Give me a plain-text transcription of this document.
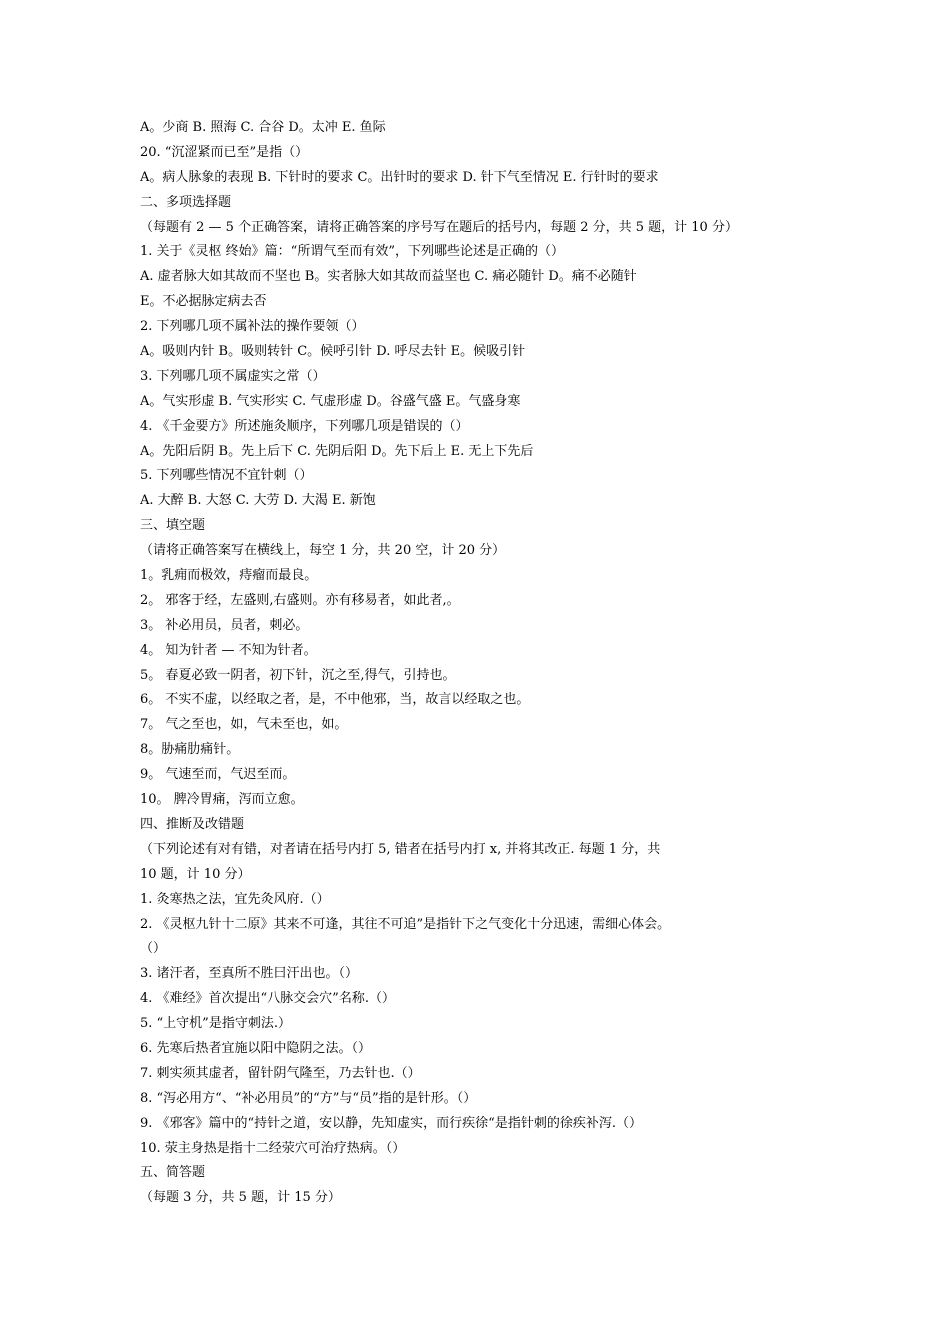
A。少商 B. 照海 C. 合谷 D。太冲 E. 鱼际
20. “沉涩紧而已至”是指（）
A。病人脉象的表现 B. 下针时的要求 C。出针时的要求 D. 针下气至情况 E. 行针时的要求
二、多项选择题
（每题有 2 — 5 个正确答案，请将正确答案的序号写在题后的括号内，每题 2 分，共 5 题，计 10 分）
1. 关于《灵枢 终始》篇：“所谓气至而有效”，下列哪些论述是正确的（）
A. 虚者脉大如其故而不坚也 B。实者脉大如其故而益坚也 C. 痛必随针 D。痛不必随针
E。不必据脉定病去否
2. 下列哪几项不属补法的操作要领（）
A。吸则内针 B。吸则转针 C。候呼引针 D. 呼尽去针 E。候吸引针
3. 下列哪几项不属虚实之常（）
A。气实形虚 B. 气实形实 C. 气虚形虚 D。谷盛气盛 E。气盛身寒
4. 《千金要方》所述施灸顺序，下列哪几项是错误的（）
A。先阳后阴 B。先上后下 C. 先阴后阳 D。先下后上 E. 无上下先后
5. 下列哪些情况不宜针刺（）
A. 大醉 B. 大怒 C. 大劳 D. 大渴 E. 新饱
三、填空题
（请将正确答案写在横线上，每空 1 分，共 20 空，计 20 分）
1。乳痈而极效，痔瘤而最良。
2。 邪客于经，左盛则,右盛则。亦有移易者，如此者,。
3。 补必用员，员者，刺必。
4。 知为针者 — 不知为针者。
5。 春夏必致一阴者，初下针，沉之至,得气，引持也。
6。 不实不虚，以经取之者，是，不中他邪，当，故言以经取之也。
7。 气之至也，如，气未至也，如。
8。胁痛肋痛针。
9。 气速至而，气迟至而。
10。 脾冷胃痛，泻而立愈。
四、推断及改错题
（下列论述有对有错，对者请在括号内打 5, 错者在括号内打 x, 并将其改正. 每题 1 分，共
10 题，计 10 分）
1. 灸寒热之法，宜先灸风府.（）
2. 《灵枢九针十二原》其来不可逢，其往不可追”是指针下之气变化十分迅速，需细心体会。
（）
3. 诸汗者，至真所不胜曰汗出也。（）
4. 《难经》首次提出“八脉交会穴”名称.（）
5. “上守机”是指守刺法.）
6. 先寒后热者宜施以阳中隐阴之法。（）
7. 刺实须其虚者，留针阴气隆至，乃去针也.（）
8. “泻必用方“、“补必用员”的“方”与“员”指的是针形。（）
9. 《邪客》篇中的“持针之道，安以静，先知虚实，而行疾徐“是指针刺的徐疾补泻.（）
10. 荥主身热是指十二经荥穴可治疗热病。（）
五、简答题
（每题 3 分，共 5 题，计 15 分）
